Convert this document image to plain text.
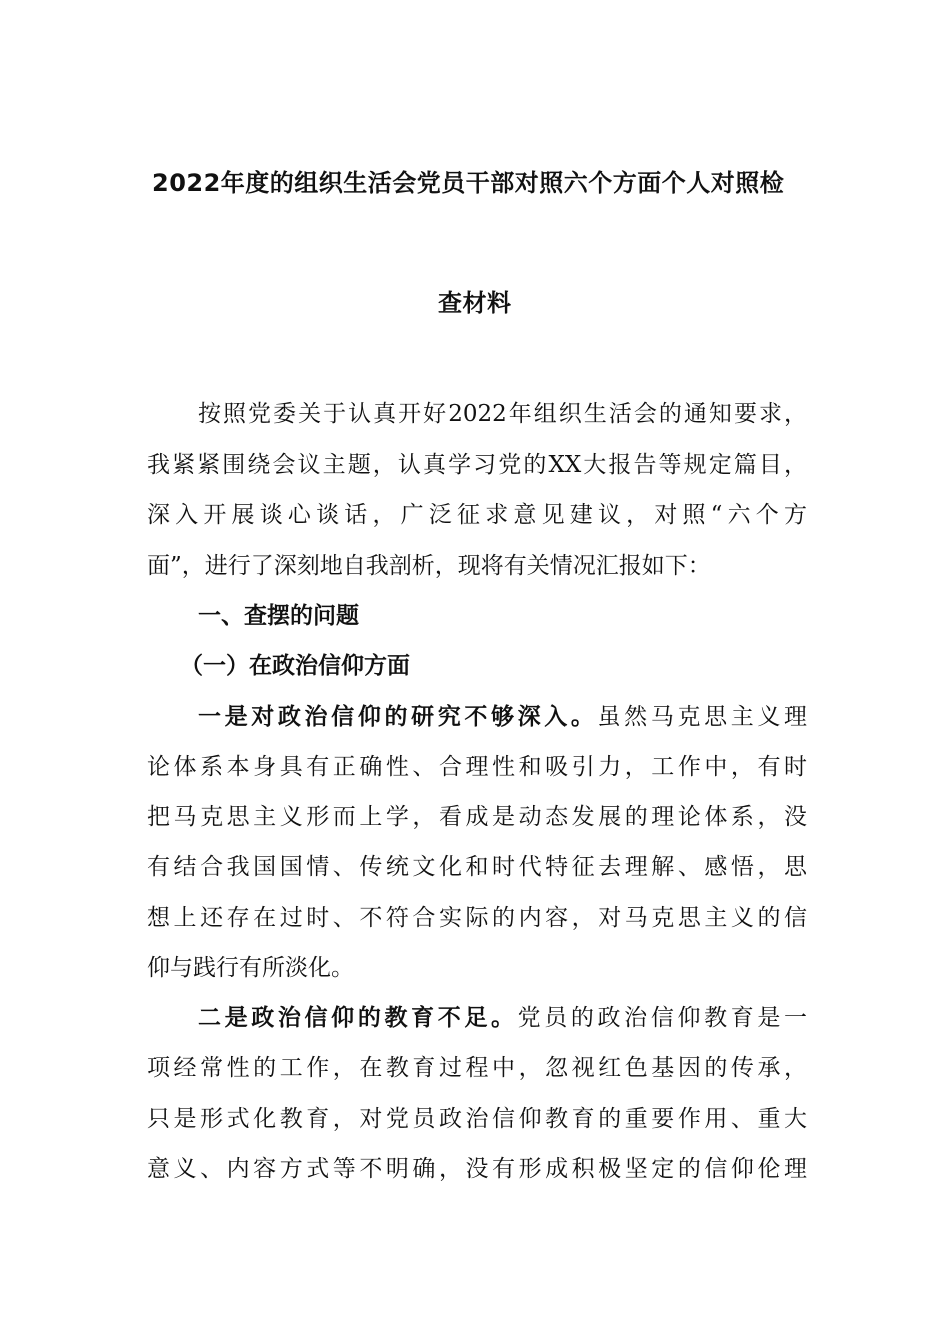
2022年度的组织生活会党员干部对照六个方面个人对照检
查材料
按照党委关于认真开好2022年组织生活会的通知要求，
我紧紧围绕会议主题，认真学习党的XX大报告等规定篇目，
深入开展谈心谈话，广泛征求意见建议，对照“六个方
面”，进行了深刻地自我剖析，现将有关情况汇报如下：
一、查摆的问题
（一）在政治信仰方面
一是对政治信仰的研究不够深入。虽然马克思主义理
论体系本身具有正确性、合理性和吸引力，工作中，有时
把马克思主义形而上学，看成是动态发展的理论体系，没
有结合我国国情、传统文化和时代特征去理解、感悟，思
想上还存在过时、不符合实际的内容，对马克思主义的信
仰与践行有所淡化。
二是政治信仰的教育不足。党员的政治信仰教育是一
项经常性的工作，在教育过程中，忽视红色基因的传承，
只是形式化教育，对党员政治信仰教育的重要作用、重大
意义、内容方式等不明确，没有形成积极坚定的信仰伦理
